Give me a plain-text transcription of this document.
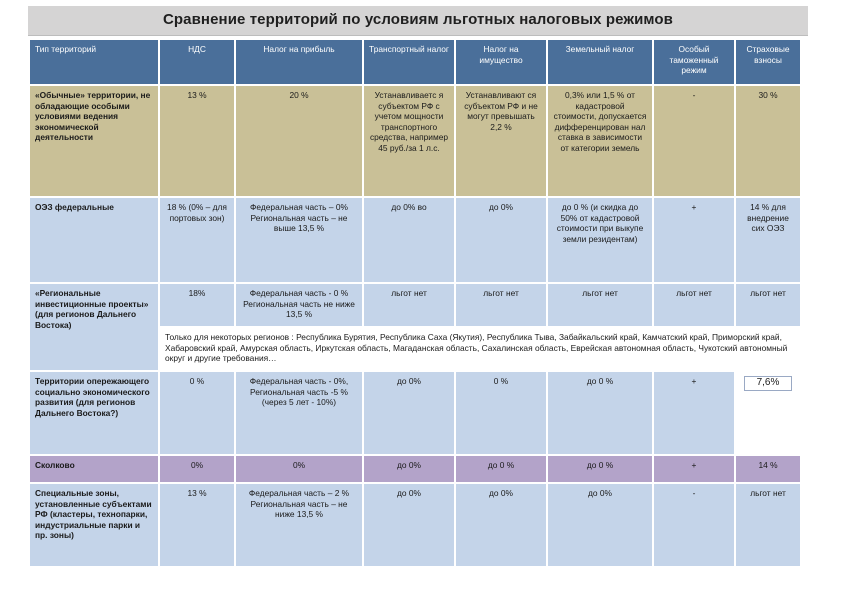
Сравнение территорий по условиям льготных налоговых режимов
Тип территорий	НДС	Налог на прибыль	Транспортный налог	Налог на имущество	Земельный налог	Особый таможенный режим	Страховые взносы
«Обычные» территории, не обладающие особыми условиями ведения экономической деятельности	13 %	20 %	Устанавливаетс я субъектом РФ с учетом мощности транспортного средства, например 45 руб./за 1 л.с.	Устанавливают ся субъектом РФ и не могут превышать 2,2 %	0,3% или 1,5 % от кадастровой стоимости, допускается дифференцирован нал ставка в зависимости от категории земель	-	30 %
ОЭЗ федеральные	18 % (0% – для портовых зон)	Федеральная часть – 0% Региональная часть – не выше 13,5 %	до 0% во	до 0%	до 0 % (и скидка до 50% от кадастровой стоимости при выкупе земли резидентам)	+	14 % для внедрение сих ОЭЗ
«Региональные инвестиционные проекты» (для регионов Дальнего Востока)	18%	Федеральная часть - 0 % Региональная часть не ниже 13,5 %	льгот нет	льгот нет	льгот нет	льгот нет	льгот нет
	Только для некоторых регионов : Республика Бурятия, Республика Саха (Якутия), Республика Тыва, Забайкальский край, Камчатский край, Приморский край, Хабаровский край, Амурская область, Иркутская область, Магаданская область, Сахалинская область, Еврейская автономная область, Чукотский автономный округ и другие требования…						
Территории опережающего социально экономического развития (для регионов Дальнего Востока?)	0 %	Федеральная часть - 0%, Региональная часть -5 % (через 5 лет - 10%)	до 0%	0 %	до 0 %	+	7,6%
Сколково	0%	0%	до 0%	до 0 %	до 0 %	+	14 %
Специальные зоны, установленные субъектами РФ (кластеры, технопарки, индустриальные парки и пр. зоны)	13 %	Федеральная часть – 2 % Региональная часть – не ниже 13,5 %	до 0%	до 0%	до 0%	-	льгот нет
